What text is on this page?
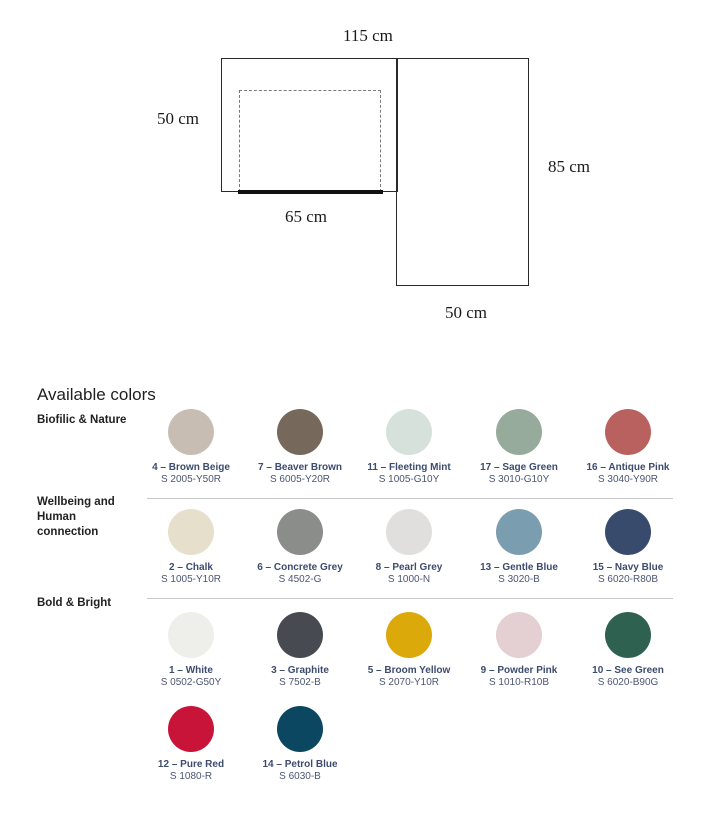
115 cm
50 cm
65 cm
85 cm
50 cm
Available colors
Biofilic & Nature
Wellbeing and Human connection
Bold & Bright
4 – Brown Beige
S 2005-Y50R
7 – Beaver Brown
S 6005-Y20R
11 – Fleeting Mint
S 1005-G10Y
17 – Sage Green
S 3010-G10Y
16 – Antique Pink
S 3040-Y90R
2 – Chalk
S 1005-Y10R
6 – Concrete Grey
S 4502-G
8 – Pearl Grey
S 1000-N
13 – Gentle Blue
S 3020-B
15 – Navy Blue
S 6020-R80B
1 – White
S 0502-G50Y
3 – Graphite
S 7502-B
5 – Broom Yellow
S 2070-Y10R
9 – Powder Pink
S 1010-R10B
10 – See Green
S 6020-B90G
12 – Pure Red
S 1080-R
14 – Petrol Blue
S 6030-B
